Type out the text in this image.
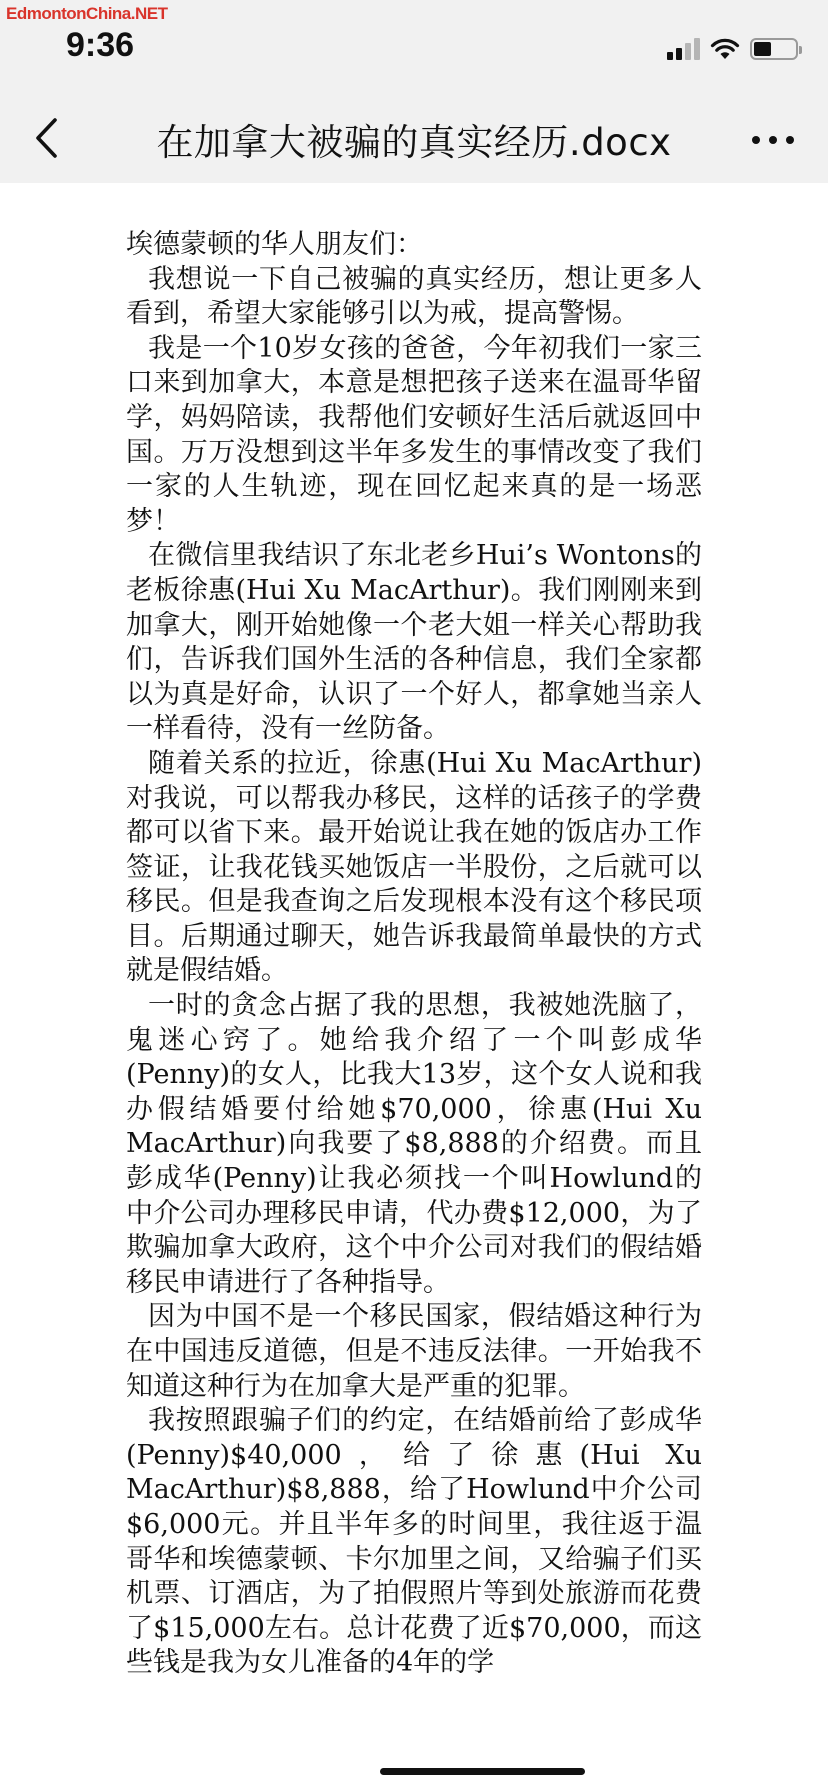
EdmontonChina.NET
9:36
在加拿大被骗的真实经历.docx

埃德蒙顿的华人朋友们：

我想说一下自己被骗的真实经历，想让更多人看到，希望大家能够引以为戒，提高警惕。

我是一个10岁女孩的爸爸，今年初我们一家三口来到加拿大，本意是想把孩子送来在温哥华留学，妈妈陪读，我帮他们安顿好生活后就返回中国。万万没想到这半年多发生的事情改变了我们一家的人生轨迹，现在回忆起来真的是一场恶梦！

在微信里我结识了东北老乡Hui’s Wontons的老板徐惠(Hui Xu MacArthur)。我们刚刚来到加拿大，刚开始她像一个老大姐一样关心帮助我们，告诉我们国外生活的各种信息，我们全家都以为真是好命，认识了一个好人，都拿她当亲人一样看待，没有一丝防备。

随着关系的拉近，徐惠(Hui Xu MacArthur)对我说，可以帮我办移民，这样的话孩子的学费都可以省下来。最开始说让我在她的饭店办工作签证，让我花钱买她饭店一半股份，之后就可以移民。但是我查询之后发现根本没有这个移民项目。后期通过聊天，她告诉我最简单最快的方式就是假结婚。

一时的贪念占据了我的思想，我被她洗脑了，鬼迷心窍了。她给我介绍了一个叫彭成华(Penny)的女人，比我大13岁，这个女人说和我办假结婚要付给她$70,000，徐惠(Hui Xu MacArthur)向我要了$8,888的介绍费。而且彭成华(Penny)让我必须找一个叫Howlund的中介公司办理移民申请，代办费$12,000，为了欺骗加拿大政府，这个中介公司对我们的假结婚移民申请进行了各种指导。

因为中国不是一个移民国家，假结婚这种行为在中国违反道德，但是不违反法律。一开始我不知道这种行为在加拿大是严重的犯罪。

我按照跟骗子们的约定，在结婚前给了彭成华(Penny)$40,000，给了徐惠(Hui Xu MacArthur)$8,888，给了Howlund中介公司$6,000元。并且半年多的时间里，我往返于温哥华和埃德蒙顿、卡尔加里之间，又给骗子们买机票、订酒店，为了拍假照片等到处旅游而花费了$15,000左右。总计花费了近$70,000，而这些钱是我为女儿准备的4年的学
